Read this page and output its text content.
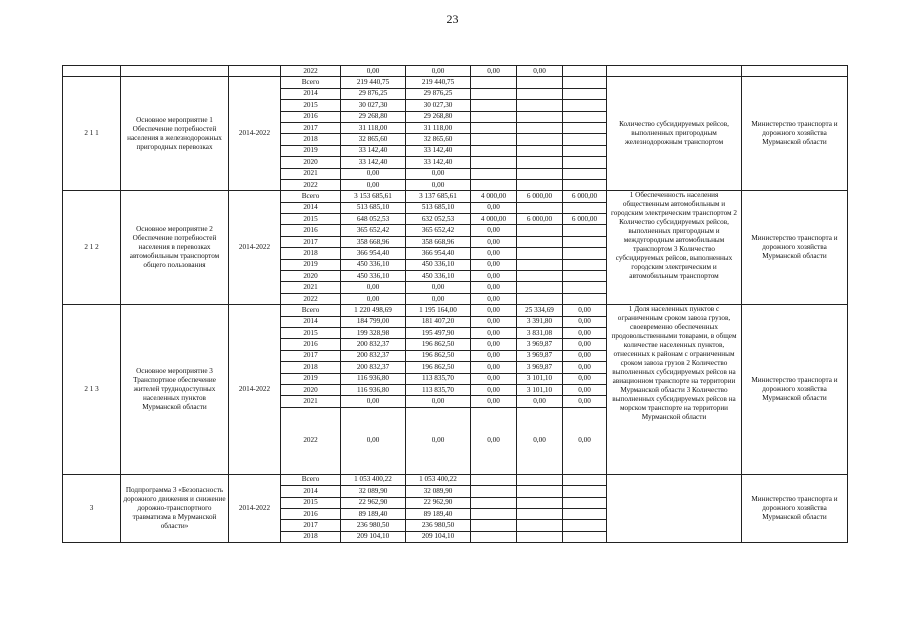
23
			2022	0,00	0,00	0,00	0,00			
2 1 1	Основное мероприятие 1 Обеспечение потребностей населения в железнодорожных пригородных перевозках	2014-2022	Всего	219 440,75	219 440,75				Количество субсидируемых рейсов, выполненных пригородным железнодорожным транспортом	Министерство транспорта и дорожного хозяйства Мурманской области
			2014	29 876,25	29 876,25					
			2015	30 027,30	30 027,30					
			2016	29 268,80	29 268,80					
			2017	31 118,00	31 118,00					
			2018	32 865,60	32 865,60					
			2019	33 142,40	33 142,40					
			2020	33 142,40	33 142,40					
			2021	0,00	0,00					
			2022	0,00	0,00					
2 1 2	Основное мероприятие 2 Обеспечение потребностей населения в перевозках автомобильным транспортом общего пользования	2014-2022	Всего	3 153 685,61	3 137 685,61	4 000,00	6 000,00	6 000,00	1 Обеспеченность населения общественным автомобильным и городским электрическим транспортом 2 Количество субсидируемых рейсов, выполненных пригородным и междугородным автомобильным транспортом 3 Количество субсидируемых рейсов, выполненных городским электрическим и автомобильным транспортом	Министерство транспорта и дорожного хозяйства Мурманской области
			2014	513 685,10	513 685,10	0,00				
			2015	648 052,53	632 052,53	4 000,00	6 000,00	6 000,00		
			2016	365 652,42	365 652,42	0,00				
			2017	358 668,96	358 668,96	0,00				
			2018	366 954,40	366 954,40	0,00				
			2019	450 336,10	450 336,10	0,00				
			2020	450 336,10	450 336,10	0,00				
			2021	0,00	0,00	0,00				
			2022	0,00	0,00	0,00				
2 1 3	Основное мероприятие 3 Транспортное обеспечение жителей труднодоступных населенных пунктов Мурманской области	2014-2022	Всего	1 220 498,69	1 195 164,00	0,00	25 334,69	0,00	1 Доля населенных пунктов с ограниченным сроком завоза грузов, своевременно обеспеченных продовольственными товарами, в общем количестве населенных пунктов, отнесенных к районам с ограниченным сроком завоза грузов 2 Количество выполненных субсидируемых рейсов на авиационном транспорте на территории Мурманской области 3 Количество выполненных субсидируемых рейсов на морском транспорте на территории Мурманской области	Министерство транспорта и дорожного хозяйства Мурманской области
			2014	184 799,00	181 407,20	0,00	3 391,80	0,00		
			2015	199 328,98	195 497,90	0,00	3 831,08	0,00		
			2016	200 832,37	196 862,50	0,00	3 969,87	0,00		
			2017	200 832,37	196 862,50	0,00	3 969,87	0,00		
			2018	200 832,37	196 862,50	0,00	3 969,87	0,00		
			2019	116 936,80	113 835,70	0,00	3 101,10	0,00		
			2020	116 936,80	113 835,70	0,00	3 101,10	0,00		
			2021	0,00	0,00	0,00	0,00	0,00		
			2022	0,00	0,00	0,00	0,00	0,00		
3	Подпрограмма 3 «Безопасность дорожного движения и снижение дорожно-транспортного травматизма в Мурманской области»	2014-2022	Всего	1 053 400,22	1 053 400,22					Министерство транспорта и дорожного хозяйства Мурманской области
			2014	32 089,90	32 089,90					
			2015	22 962,90	22 962,90					
			2016	89 189,40	89 189,40					
			2017	236 980,50	236 980,50					
			2018	209 104,10	209 104,10					
